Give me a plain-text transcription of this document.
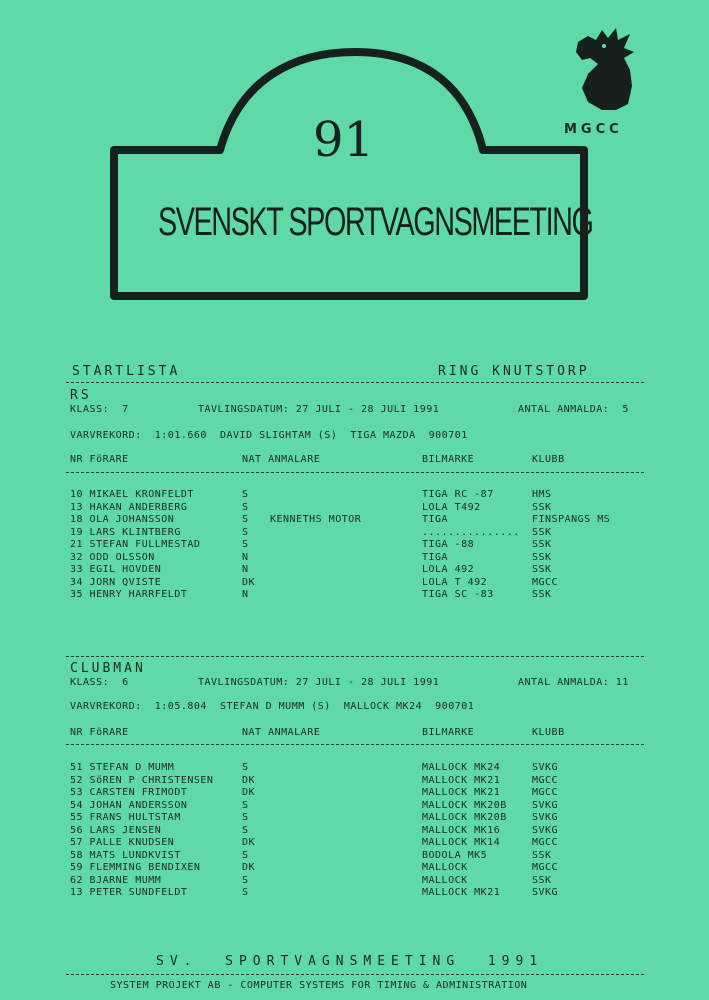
91
SVENSKT SPORTVAGNSMEETING
MGCC
STARTLISTA	RING KNUTSTORP
RS
KLASS:  7	TAVLINGSDATUM: 27 JULI - 28 JULI 1991	ANTAL ANMALDA:  5
VARVREKORD:  1:01.660  DAVID SLIGHTAM (S)  TIGA MAZDA  900701
NR FöRARE	NAT ANMALARE	BILMARKE	KLUBB
10 MIKAEL KRONFELDT	S	TIGA RC -87	HMS
13 HAKAN ANDERBERG	S	LOLA T492	SSK
18 OLA JOHANSSON	S KENNETHS MOTOR	TIGA	FINSPANGS MS
19 LARS KLINTBERG	S	............... SSK
21 STEFAN FULLMESTAD	S	TIGA -88	SSK
32 ODD OLSSON	N	TIGA	SSK
33 EGIL HOVDEN	N	LOLA 492	SSK
34 JORN QVISTE	DK	LOLA T 492	MGCC
35 HENRY HARRFELDT	N	TIGA SC -83	SSK
CLUBMAN
KLASS:  6	TAVLINGSDATUM: 27 JULI - 28 JULI 1991	ANTAL ANMALDA: 11
VARVREKORD:  1:05.804  STEFAN D MUMM (S)  MALLOCK MK24  900701
NR FöRARE	NAT ANMALARE	BILMARKE	KLUBB
51 STEFAN D MUMM	S	MALLOCK MK24	SVKG
52 SöREN P CHRISTENSEN	DK	MALLOCK MK21	MGCC
53 CARSTEN FRIMODT	DK	MALLOCK MK21	MGCC
54 JOHAN ANDERSSON	S	MALLOCK MK20B	SVKG
55 FRANS HULTSTAM	S	MALLOCK MK20B	SVKG
56 LARS JENSEN	S	MALLOCK MK16	SVKG
57 PALLE KNUDSEN	DK	MALLOCK MK14	MGCC
58 MATS LUNDKVIST	S	BODOLA MK5	SSK
59 FLEMMING BENDIXEN	DK	MALLOCK	MGCC
62 BJARNE MUMM	S	MALLOCK	SSK
13 PETER SUNDFELDT	S	MALLOCK MK21	SVKG
SV.  SPORTVAGNSMEETING  1991
SYSTEM PROJEKT AB - COMPUTER SYSTEMS FOR TIMING & ADMINISTRATION
